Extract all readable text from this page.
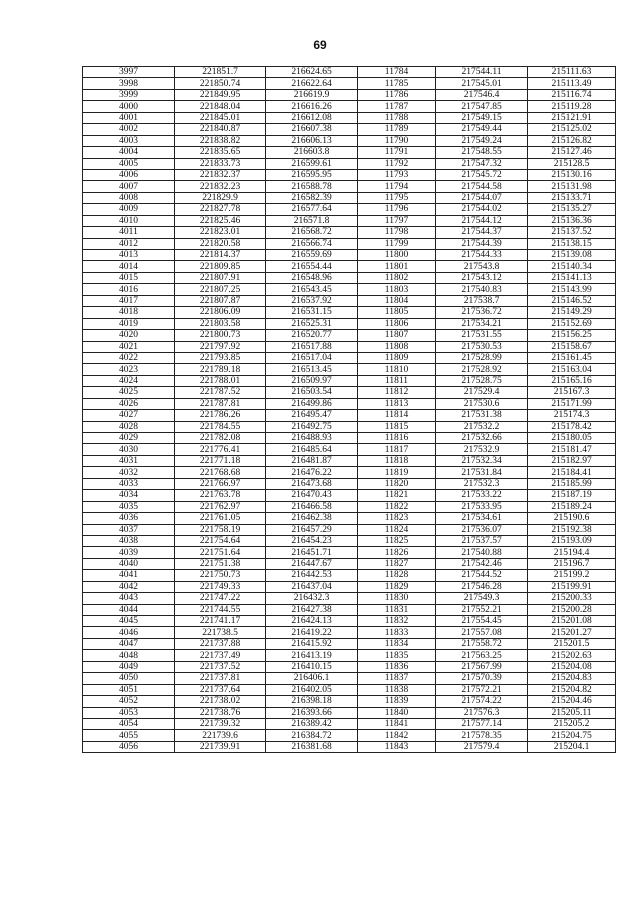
69
3997	221851.7	216624.65	11784	217544.11	215111.63
3998	221850.74	216622.64	11785	217545.01	215113.49
3999	221849.95	216619.9	11786	217546.4	215116.74
4000	221848.04	216616.26	11787	217547.85	215119.28
4001	221845.01	216612.08	11788	217549.15	215121.91
4002	221840.87	216607.38	11789	217549.44	215125.02
4003	221838.82	216606.13	11790	217549.24	215126.82
4004	221835.65	216603.8	11791	217548.55	215127.46
4005	221833.73	216599.61	11792	217547.32	215128.5
4006	221832.37	216595.95	11793	217545.72	215130.16
4007	221832.23	216588.78	11794	217544.58	215131.98
4008	221829.9	216582.39	11795	217544.07	215133.71
4009	221827.78	216577.64	11796	217544.02	215135.27
4010	221825.46	216571.8	11797	217544.12	215136.36
4011	221823.01	216568.72	11798	217544.37	215137.52
4012	221820.58	216566.74	11799	217544.39	215138.15
4013	221814.37	216559.69	11800	217544.33	215139.08
4014	221809.85	216554.44	11801	217543.8	215140.34
4015	221807.91	216548.96	11802	217543.12	215141.13
4016	221807.25	216543.45	11803	217540.83	215143.99
4017	221807.87	216537.92	11804	217538.7	215146.52
4018	221806.09	216531.15	11805	217536.72	215149.29
4019	221803.58	216525.31	11806	217534.21	215152.69
4020	221800.73	216520.77	11807	217531.55	215156.25
4021	221797.92	216517.88	11808	217530.53	215158.67
4022	221793.85	216517.04	11809	217528.99	215161.45
4023	221789.18	216513.45	11810	217528.92	215163.04
4024	221788.01	216509.97	11811	217528.75	215165.16
4025	221787.52	216503.54	11812	217529.4	215167.3
4026	221787.81	216499.86	11813	217530.6	215171.99
4027	221786.26	216495.47	11814	217531.38	215174.3
4028	221784.55	216492.75	11815	217532.2	215178.42
4029	221782.08	216488.93	11816	217532.66	215180.05
4030	221776.41	216485.64	11817	217532.9	215181.47
4031	221771.18	216481.87	11818	217532.34	215182.97
4032	221768.68	216476.22	11819	217531.84	215184.41
4033	221766.97	216473.68	11820	217532.3	215185.99
4034	221763.78	216470.43	11821	217533.22	215187.19
4035	221762.97	216466.58	11822	217533.95	215189.24
4036	221761.05	216462.38	11823	217534.61	215190.6
4037	221758.19	216457.29	11824	217536.07	215192.38
4038	221754.64	216454.23	11825	217537.57	215193.09
4039	221751.64	216451.71	11826	217540.88	215194.4
4040	221751.38	216447.67	11827	217542.46	215196.7
4041	221750.73	216442.53	11828	217544.52	215199.2
4042	221749.33	216437.04	11829	217546.28	215199.91
4043	221747.22	216432.3	11830	217549.3	215200.33
4044	221744.55	216427.38	11831	217552.21	215200.28
4045	221741.17	216424.13	11832	217554.45	215201.08
4046	221738.5	216419.22	11833	217557.08	215201.27
4047	221737.88	216415.92	11834	217558.72	215201.5
4048	221737.49	216413.19	11835	217563.25	215202.63
4049	221737.52	216410.15	11836	217567.99	215204.08
4050	221737.81	216406.1	11837	217570.39	215204.83
4051	221737.64	216402.05	11838	217572.21	215204.82
4052	221738.02	216398.18	11839	217574.22	215204.46
4053	221738.76	216393.66	11840	217576.3	215205.11
4054	221739.32	216389.42	11841	217577.14	215205.2
4055	221739.6	216384.72	11842	217578.35	215204.75
4056	221739.91	216381.68	11843	217579.4	215204.1
